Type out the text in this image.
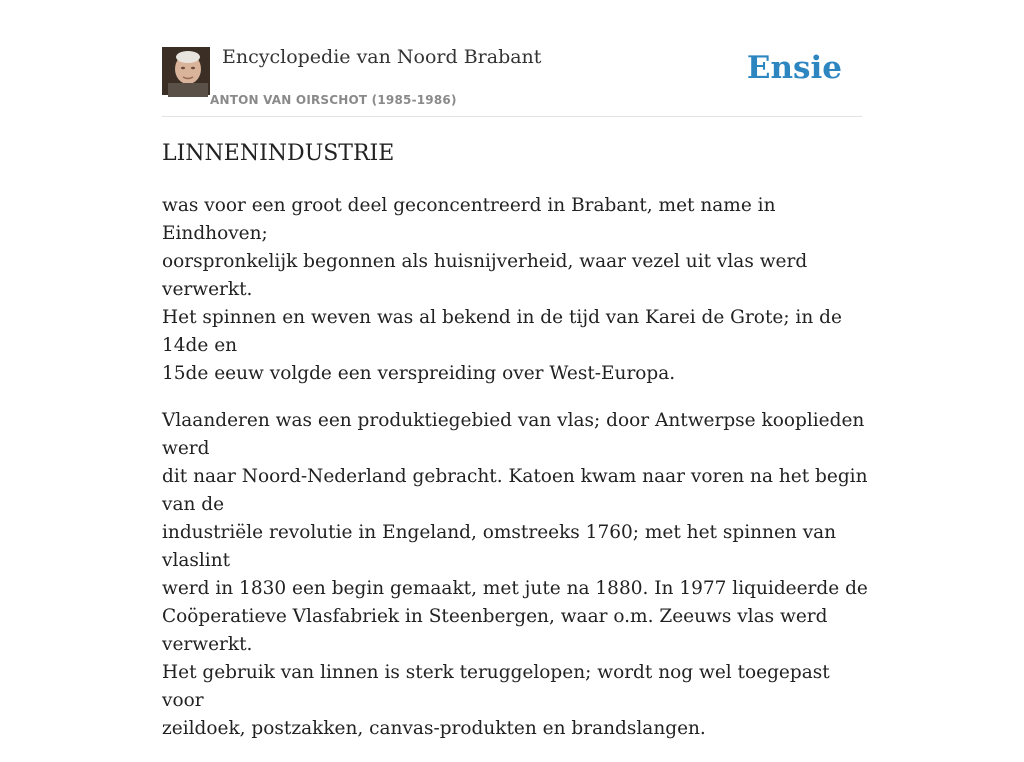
Encyclopedie van Noord Brabant
ANTON VAN OIRSCHOT (1985-1986)
Ensie
LINNENINDUSTRIE

was voor een groot deel geconcentreerd in Brabant, met name in Eindhoven;
oorspronkelijk begonnen als huisnijverheid, waar vezel uit vlas werd verwerkt.
Het spinnen en weven was al bekend in de tijd van Karei de Grote; in de 14de en
15de eeuw volgde een verspreiding over West-Europa.

Vlaanderen was een produktiegebied van vlas; door Antwerpse kooplieden werd
dit naar Noord-Nederland gebracht. Katoen kwam naar voren na het begin van de
industriële revolutie in Engeland, omstreeks 1760; met het spinnen van vlaslint
werd in 1830 een begin gemaakt, met jute na 1880. In 1977 liquideerde de
Coöperatieve Vlasfabriek in Steenbergen, waar o.m. Zeeuws vlas werd verwerkt.
Het gebruik van linnen is sterk teruggelopen; wordt nog wel toegepast voor
zeildoek, postzakken, canvas-produkten en brandslangen.
